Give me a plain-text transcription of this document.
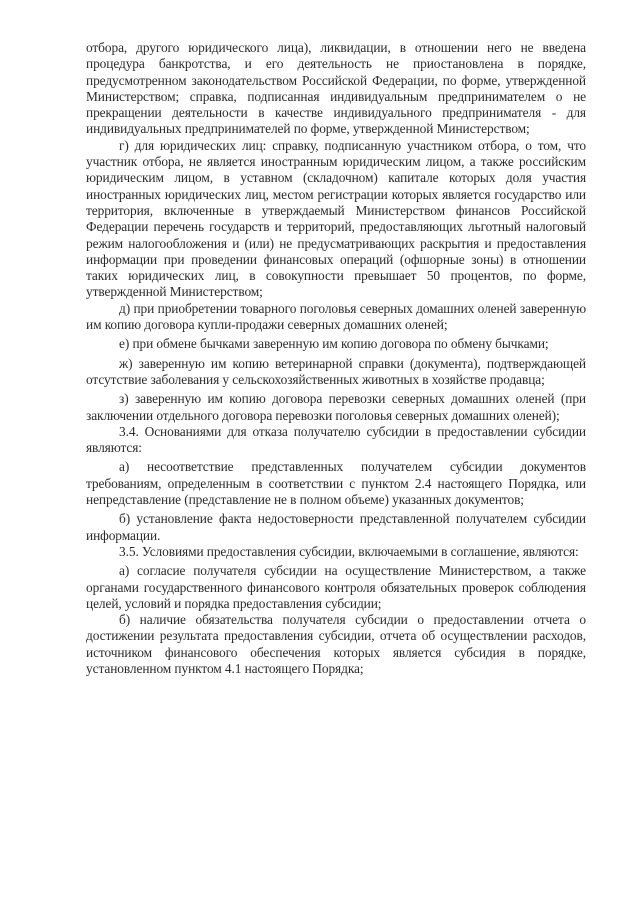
отбора, другого юридического лица), ликвидации, в отношении него не введена процедура банкротства, и его деятельность не приостановлена в порядке, предусмотренном законодательством Российской Федерации, по форме, утвержденной Министерством; справка, подписанная индивидуальным предпринимателем о не прекращении деятельности в качестве индивидуального предпринимателя - для индивидуальных предпринимателей по форме, утвержденной Министерством;

г) для юридических лиц: справку, подписанную участником отбора, о том, что участник отбора, не является иностранным юридическим лицом, а также российским юридическим лицом, в уставном (складочном) капитале которых доля участия иностранных юридических лиц, местом регистрации которых является государство или территория, включенные в утверждаемый Министерством финансов Российской Федерации перечень государств и территорий, предоставляющих льготный налоговый режим налогообложения и (или) не предусматривающих раскрытия и предоставления информации при проведении финансовых операций (офшорные зоны) в отношении таких юридических лиц, в совокупности превышает 50 процентов, по форме, утвержденной Министерством;

д) при приобретении товарного поголовья северных домашних оленей заверенную им копию договора купли-продажи северных домашних оленей;

е) при обмене бычками заверенную им копию договора по обмену бычками;

ж) заверенную им копию ветеринарной справки (документа), подтверждающей отсутствие заболевания у сельскохозяйственных животных в хозяйстве продавца;

з) заверенную им копию договора перевозки северных домашних оленей (при заключении отдельного договора перевозки поголовья северных домашних оленей);

3.4. Основаниями для отказа получателю субсидии в предоставлении субсидии являются:

а) несоответствие представленных получателем субсидии документов требованиям, определенным в соответствии с пунктом 2.4 настоящего Порядка, или непредставление (представление не в полном объеме) указанных документов;

б) установление факта недостоверности представленной получателем субсидии информации.

3.5. Условиями предоставления субсидии, включаемыми в соглашение, являются:

а) согласие получателя субсидии на осуществление Министерством, а также органами государственного финансового контроля обязательных проверок соблюдения целей, условий и порядка предоставления субсидии;

б) наличие обязательства получателя субсидии о предоставлении отчета о достижении результата предоставления субсидии, отчета об осуществлении расходов, источником финансового обеспечения которых является субсидия в порядке, установленном пунктом 4.1 настоящего Порядка;
